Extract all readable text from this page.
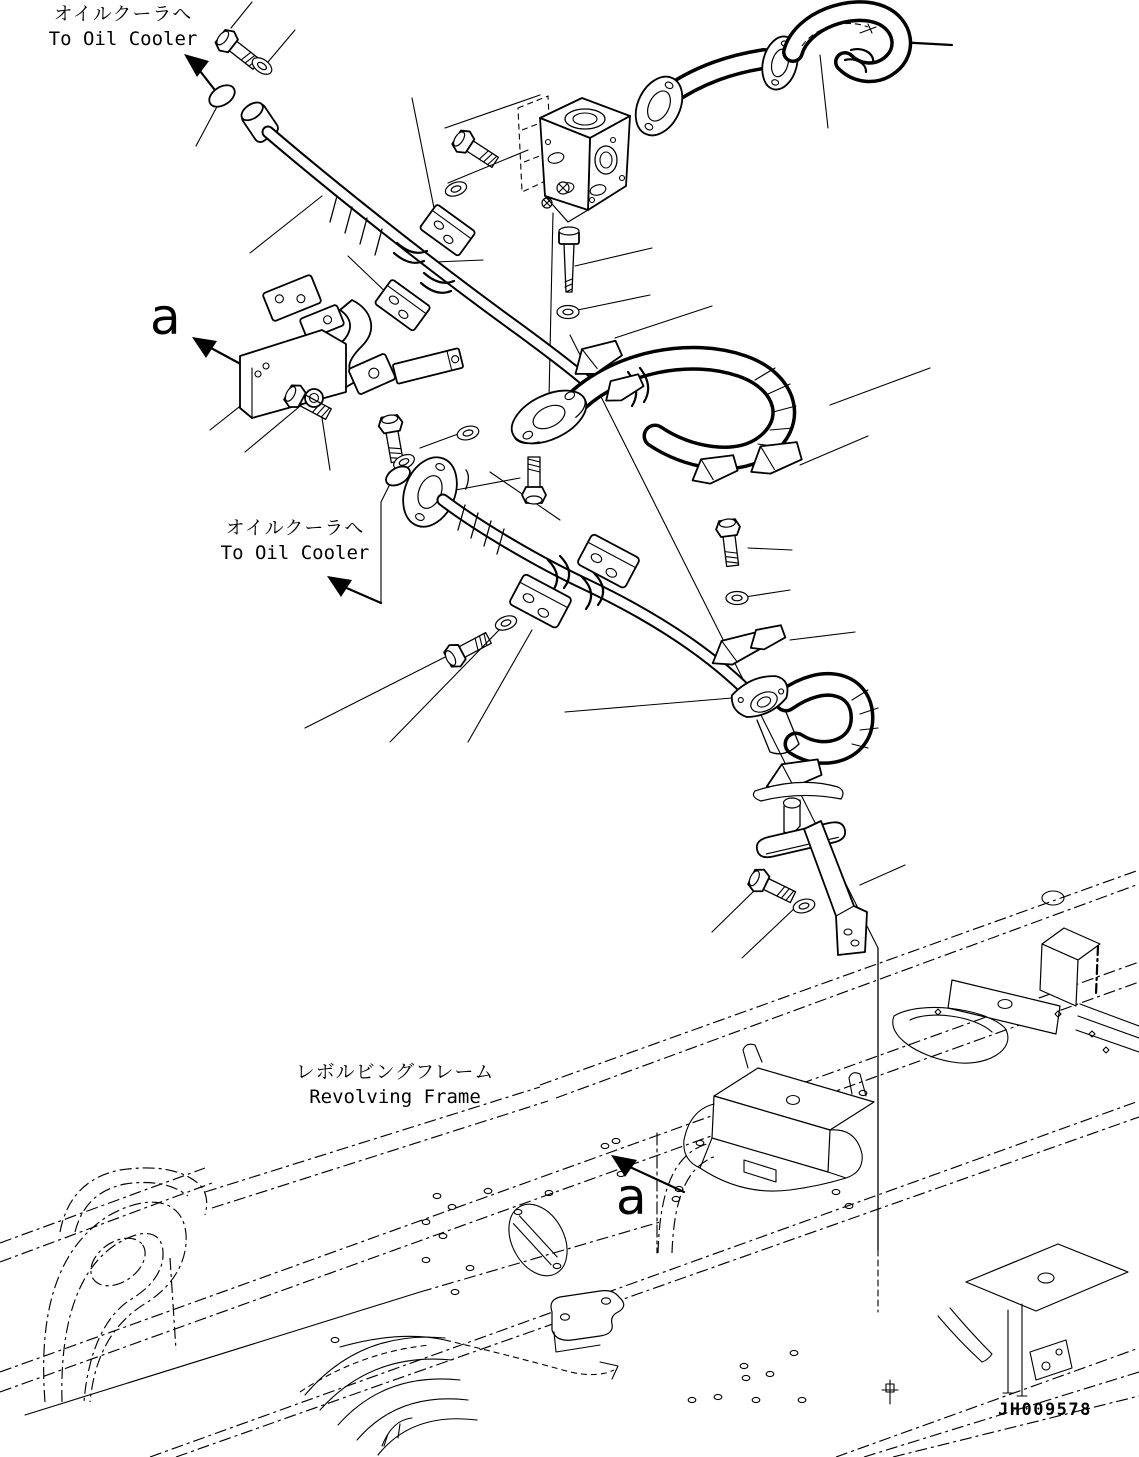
オイルクーラへ
To Oil Cooler
オイルクーラへ
To Oil Cooler
レボルビングフレーム
Revolving Frame
a
a
JH009578
